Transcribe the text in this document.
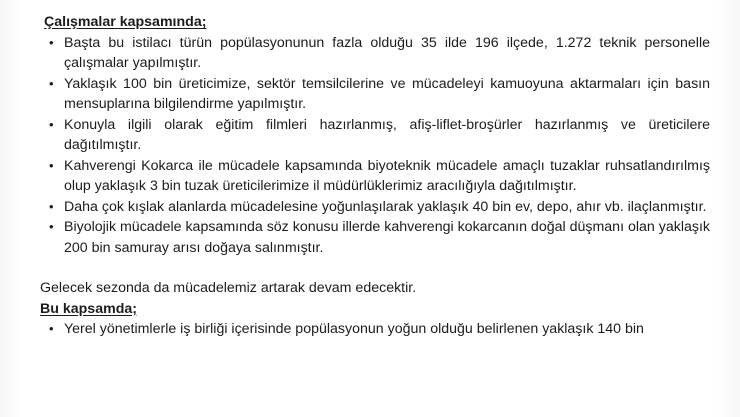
Çalışmalar kapsamında;

• Başta bu istilacı türün popülasyonunun fazla olduğu 35 ilde 196 ilçede, 1.272 teknik personelle çalışmalar yapılmıştır.
• Yaklaşık 100 bin üreticimize, sektör temsilcilerine ve mücadeleyi kamuoyuna aktarmaları için basın mensuplarına bilgilendirme yapılmıştır.
• Konuyla ilgili olarak eğitim filmleri hazırlanmış, afiş-liflet-broşürler hazırlanmış ve üreticilere dağıtılmıştır.
• Kahverengi Kokarca ile mücadele kapsamında biyoteknik mücadele amaçlı tuzaklar ruhsatlandırılmış olup yaklaşık 3 bin tuzak üreticilerimize il müdürlüklerimiz aracılığıyla dağıtılmıştır.
• Daha çok kışlak alanlarda mücadelesine yoğunlaşılarak yaklaşık 40 bin ev, depo, ahır vb. ilaçlanmıştır.
• Biyolojik mücadele kapsamında söz konusu illerde kahverengi kokarcanın doğal düşmanı olan yaklaşık 200 bin samuray arısı doğaya salınmıştır.

Gelecek sezonda da mücadelemiz artarak devam edecektir.

Bu kapsamda;

• Yerel yönetimlerle iş birliği içerisinde popülasyonun yoğun olduğu belirlenen yaklaşık 140 bin
